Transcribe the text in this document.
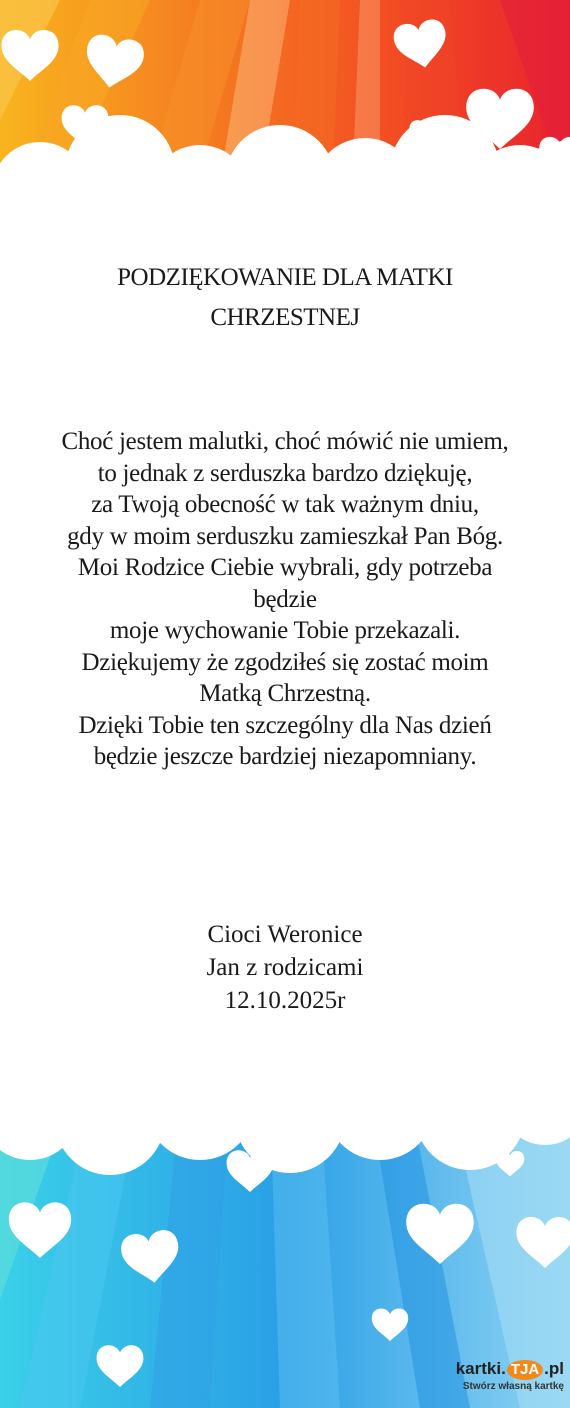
PODZIĘKOWANIE DLA MATKI
CHRZESTNEJ
Choć jestem malutki, choć mówić nie umiem,
to jednak z serduszka bardzo dziękuję,
za Twoją obecność w tak ważnym dniu,
gdy w moim serduszku zamieszkał Pan Bóg.
Moi Rodzice Ciebie wybrali, gdy potrzeba
będzie
moje wychowanie Tobie przekazali.
Dziękujemy że zgodziłeś się zostać moim
Matką Chrzestną.
Dzięki Tobie ten szczególny dla Nas dzień
będzie jeszcze bardziej niezapomniany.
Cioci Weronice
Jan z rodzicami
12.10.2025r
kartki. TJA .pl
Stwórz własną kartkę
